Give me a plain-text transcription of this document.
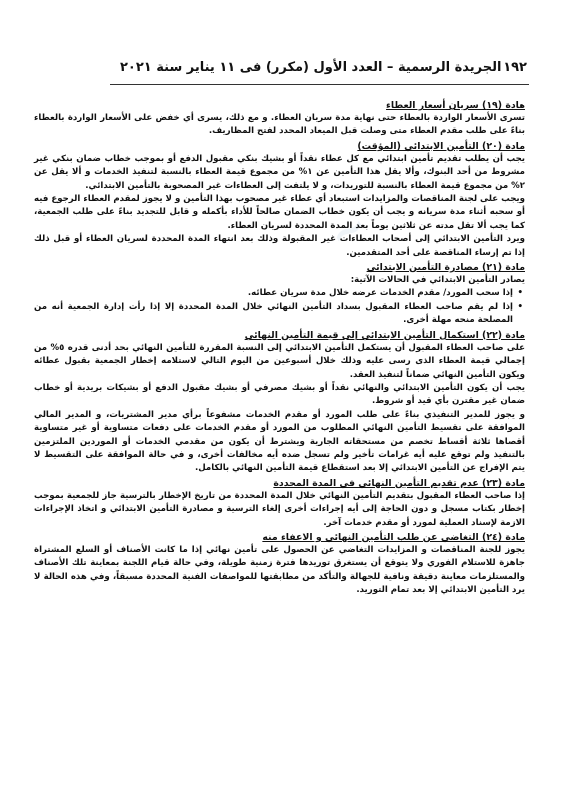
~
١٩٢
الجريدة الرسمية – العدد الأول (مكرر) فى ١١ يناير سنة ٢٠٢١
مادة (١٩) سريان أسعار العطاء

تسرى الأسعار الواردة بالعطاء حتى نهاية مدة سريان العطاء. و مع ذلك، يسرى أي خفض على الأسعار الواردة بالعطاء بناءً على طلب مقدم العطاء متى وصلت قبل الميعاد المحدد لفتح المظاريف.

مادة (٢٠) التأمين الابتدائي (المؤقت)

يجب أن يطلب تقديم تأمين ابتدائي مع كل عطاء نقداً أو بشيك بنكي مقبول الدفع أو بموجب خطاب ضمان بنكي غير مشروط من أحد البنوك، وألا يقل هذا التأمين عن ١% من مجموع قيمة العطاء بالنسبة لتنفيذ الخدمات و ألا يقل عن ٢% من مجموع قيمة العطاء بالنسبة للتوريدات، و لا يلتفت إلى العطاءات غير المصحوبة بالتأمين الابتدائي.

ويجب على لجنة المناقصات والمزايدات استبعاد أي عطاء غير مصحوب بهذا التأمين و لا يجوز لمقدم العطاء الرجوع فيه أو سحبه أثناء مدة سريانه و يجب أن يكون خطاب الضمان صالحاً للأداء بأكمله و قابل للتجديد بناءً على طلب الجمعية، كما يجب ألا تقل مدته عن ثلاثين يوماً بعد المدة المحددة لسريان العطاء.

ويرد التأمين الابتدائي إلى أصحاب العطاءات غير المقبولة وذلك بعد انتهاء المدة المحددة لسريان العطاء أو قبل ذلك إذا تم إرساء المناقصة على أحد المتقدمين.

مادة (٢١) مصادرة التأمين الابتدائي

يصادر التأمين الابتدائي في الحالات الآتية:

• إذا سحب المورد/ مقدم الخدمات عرضه خلال مدة سريان عطائه.
• إذا لم يقم صاحب العطاء المقبول بسداد التأمين النهائي خلال المدة المحددة إلا إذا رأت إدارة الجمعية أنه من المصلحة منحه مهلة أخرى.
مادة (٢٢) استكمال التأمين الابتدائي إلى قيمة التأمين النهائي

على صاحب العطاء المقبول أن يستكمل التأمين الابتدائي إلى النسبة المقررة للتأمين النهائي بحد أدنى قدره ٥% من إجمالي قيمة العطاء الذى رسى عليه وذلك خلال أسبوعين من اليوم التالي لاستلامه إخطار الجمعية بقبول عطائه ويكون التأمين النهائي ضماناً لتنفيذ العقد.

يجب أن يكون التأمين الابتدائي والنهائي نقداً أو بشيك مصرفي أو بشيك مقبول الدفع أو بشيكات بريدية أو خطاب ضمان غير مقترن بأي قيد أو شروط.

و يجوز للمدير التنفيذي بناءً على طلب المورد أو مقدم الخدمات مشفوعاً برأي مدير المشتريات، و المدير المالي الموافقة على تقسيط التأمين النهائي المطلوب من المورد أو مقدم الخدمات على دفعات متساوية أو غير متساوية أقصاها ثلاثة أقساط تخصم من مستحقاته الجارية ويشترط أن يكون من مقدمي الخدمات أو الموردين الملتزمين بالتنفيذ ولم توقع عليه أيه غرامات تأخير ولم تسجل ضده أيه مخالفات أخرى، و في حالة الموافقة على التقسيط لا يتم الإفراج عن التأمين الابتدائي إلا بعد استقطاع قيمة التأمين النهائي بالكامل.

مادة (٢٣) عدم تقديم التأمين النهائي في المدة المحددة

إذا صاحب العطاء المقبول بتقديم التأمين النهائي خلال المدة المحددة من تاريخ الإخطار بالترسية جاز للجمعية بموجب إخطار بكتاب مسجل و دون الحاجة إلى أيه إجراءات أخرى إلغاء الترسية و مصادرة التأمين الابتدائي و اتخاذ الإجراءات الازمة لإسناد العملية لمورد أو مقدم خدمات آخر.

مادة (٢٤) التغاضي عن طلب التأمين النهائي و الاعفاء منه

يجوز للجنة المناقصات و المزايدات التغاضي عن الحصول على تأمين نهائي إذا ما كانت الأصناف أو السلع المشتراة جاهزة للاستلام الفوري ولا يتوقع أن يستغرق توريدها فترة زمنية طويلة، وفي حالة قيام اللجنة بمعاينة تلك الأصناف والمستلزمات معاينة دقيقة ونافية للجهالة والتأكد من مطابقتها للمواصفات الفنية المحددة مسبقاً، وفي هذه الحالة لا يرد التأمين الابتدائي إلا بعد تمام التوريد.
